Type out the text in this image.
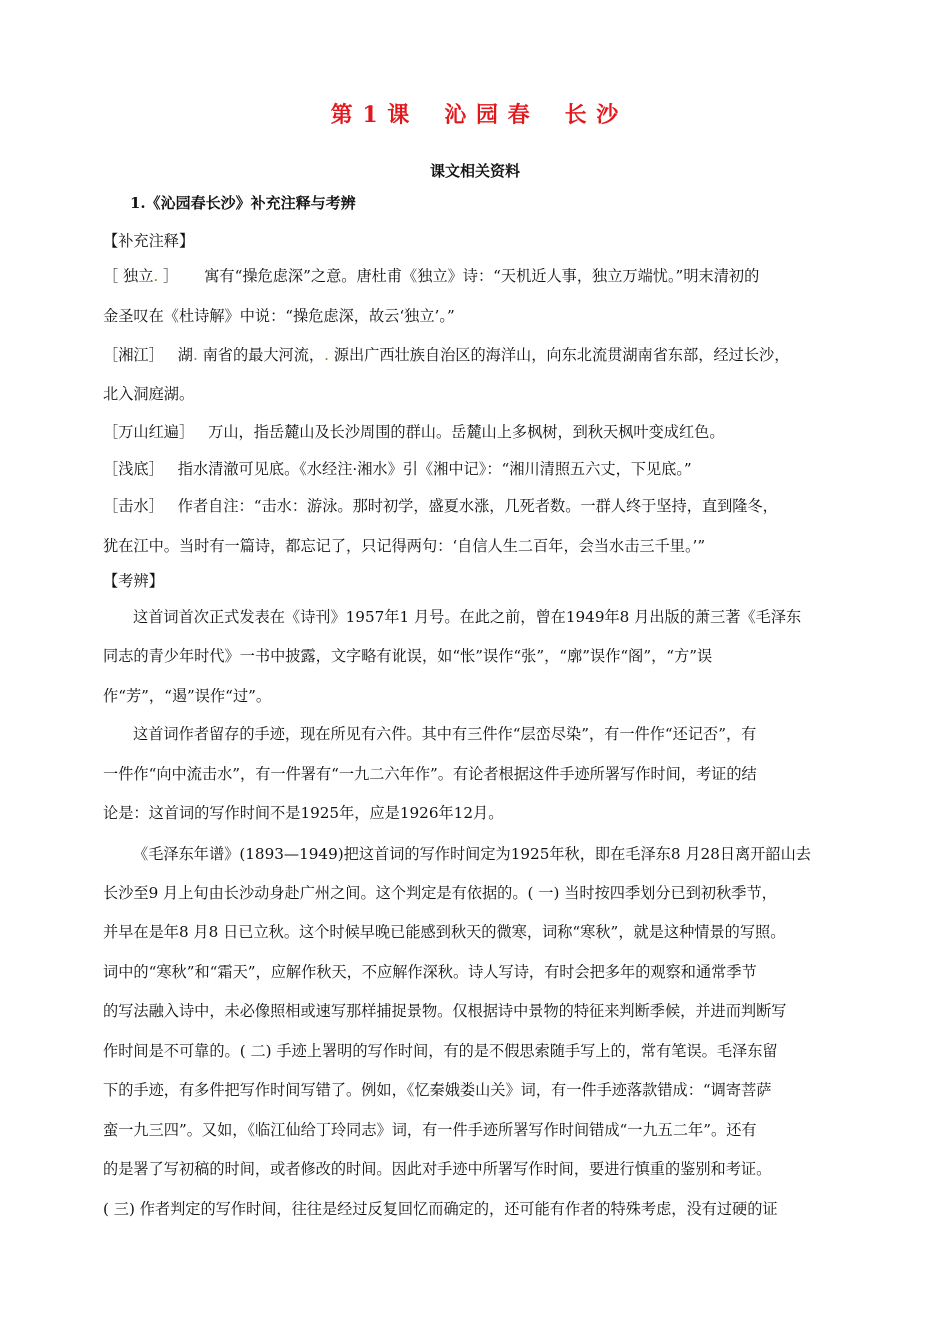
第 1 课 沁 园 春 长 沙
课文相关资料
1.《沁园春长沙》补充注释与考辨
【补充注释】
［ 独立. ］ 寓有“操危虑深”之意。唐杜甫《独立》诗：“天机近人事，独立万端忧。”明末清初的
金圣叹在《杜诗解》中说：“操危虑深，故云‘独立’。”
［湘江］ 湖. 南省的最大河流，. 源出广西壮族自治区的海洋山，向东北流贯湖南省东部，经过长沙，
北入洞庭湖。
［万山红遍］ 万山，指岳麓山及长沙周围的群山。岳麓山上多枫树，到秋天枫叶变成红色。
［浅底］ 指水清澈可见底。《水经注·湘水》引《湘中记》：“湘川清照五六丈，下见底。”
［击水］ 作者自注：“击水：游泳。那时初学，盛夏水涨，几死者数。一群人终于坚持，直到隆冬，
犹在江中。当时有一篇诗，都忘记了，只记得两句：‘自信人生二百年，会当水击三千里。’”
【考辨】
这首词首次正式发表在《诗刊》1957年1 月号。在此之前，曾在1949年8 月出版的萧三著《毛泽东
同志的青少年时代》一书中披露，文字略有讹误，如“怅”误作“张”，“廓”误作“阁”，“方”误
作“芳”，“遏”误作“过”。
这首词作者留存的手迹，现在所见有六件。其中有三件作“层峦尽染”，有一件作“还记否”，有
一件作“向中流击水”，有一件署有“一九二六年作”。有论者根据这件手迹所署写作时间，考证的结
论是：这首词的写作时间不是1925年，应是1926年12月。
《毛泽东年谱》(1893—1949)把这首词的写作时间定为1925年秋，即在毛泽东8 月28日离开韶山去
长沙至9 月上旬由长沙动身赴广州之间。这个判定是有依据的。( 一) 当时按四季划分已到初秋季节，
并早在是年8 月8 日已立秋。这个时候早晚已能感到秋天的微寒，词称“寒秋”，就是这种情景的写照。
词中的“寒秋”和“霜天”，应解作秋天，不应解作深秋。诗人写诗，有时会把多年的观察和通常季节
的写法融入诗中，未必像照相或速写那样捕捉景物。仅根据诗中景物的特征来判断季候，并进而判断写
作时间是不可靠的。( 二) 手迹上署明的写作时间，有的是不假思索随手写上的，常有笔误。毛泽东留
下的手迹，有多件把写作时间写错了。例如，《忆秦娥娄山关》词，有一件手迹落款错成：“调寄菩萨
蛮一九三四”。又如，《临江仙给丁玲同志》词，有一件手迹所署写作时间错成“一九五二年”。还有
的是署了写初稿的时间，或者修改的时间。因此对手迹中所署写作时间，要进行慎重的鉴别和考证。
( 三) 作者判定的写作时间，往往是经过反复回忆而确定的，还可能有作者的特殊考虑，没有过硬的证
